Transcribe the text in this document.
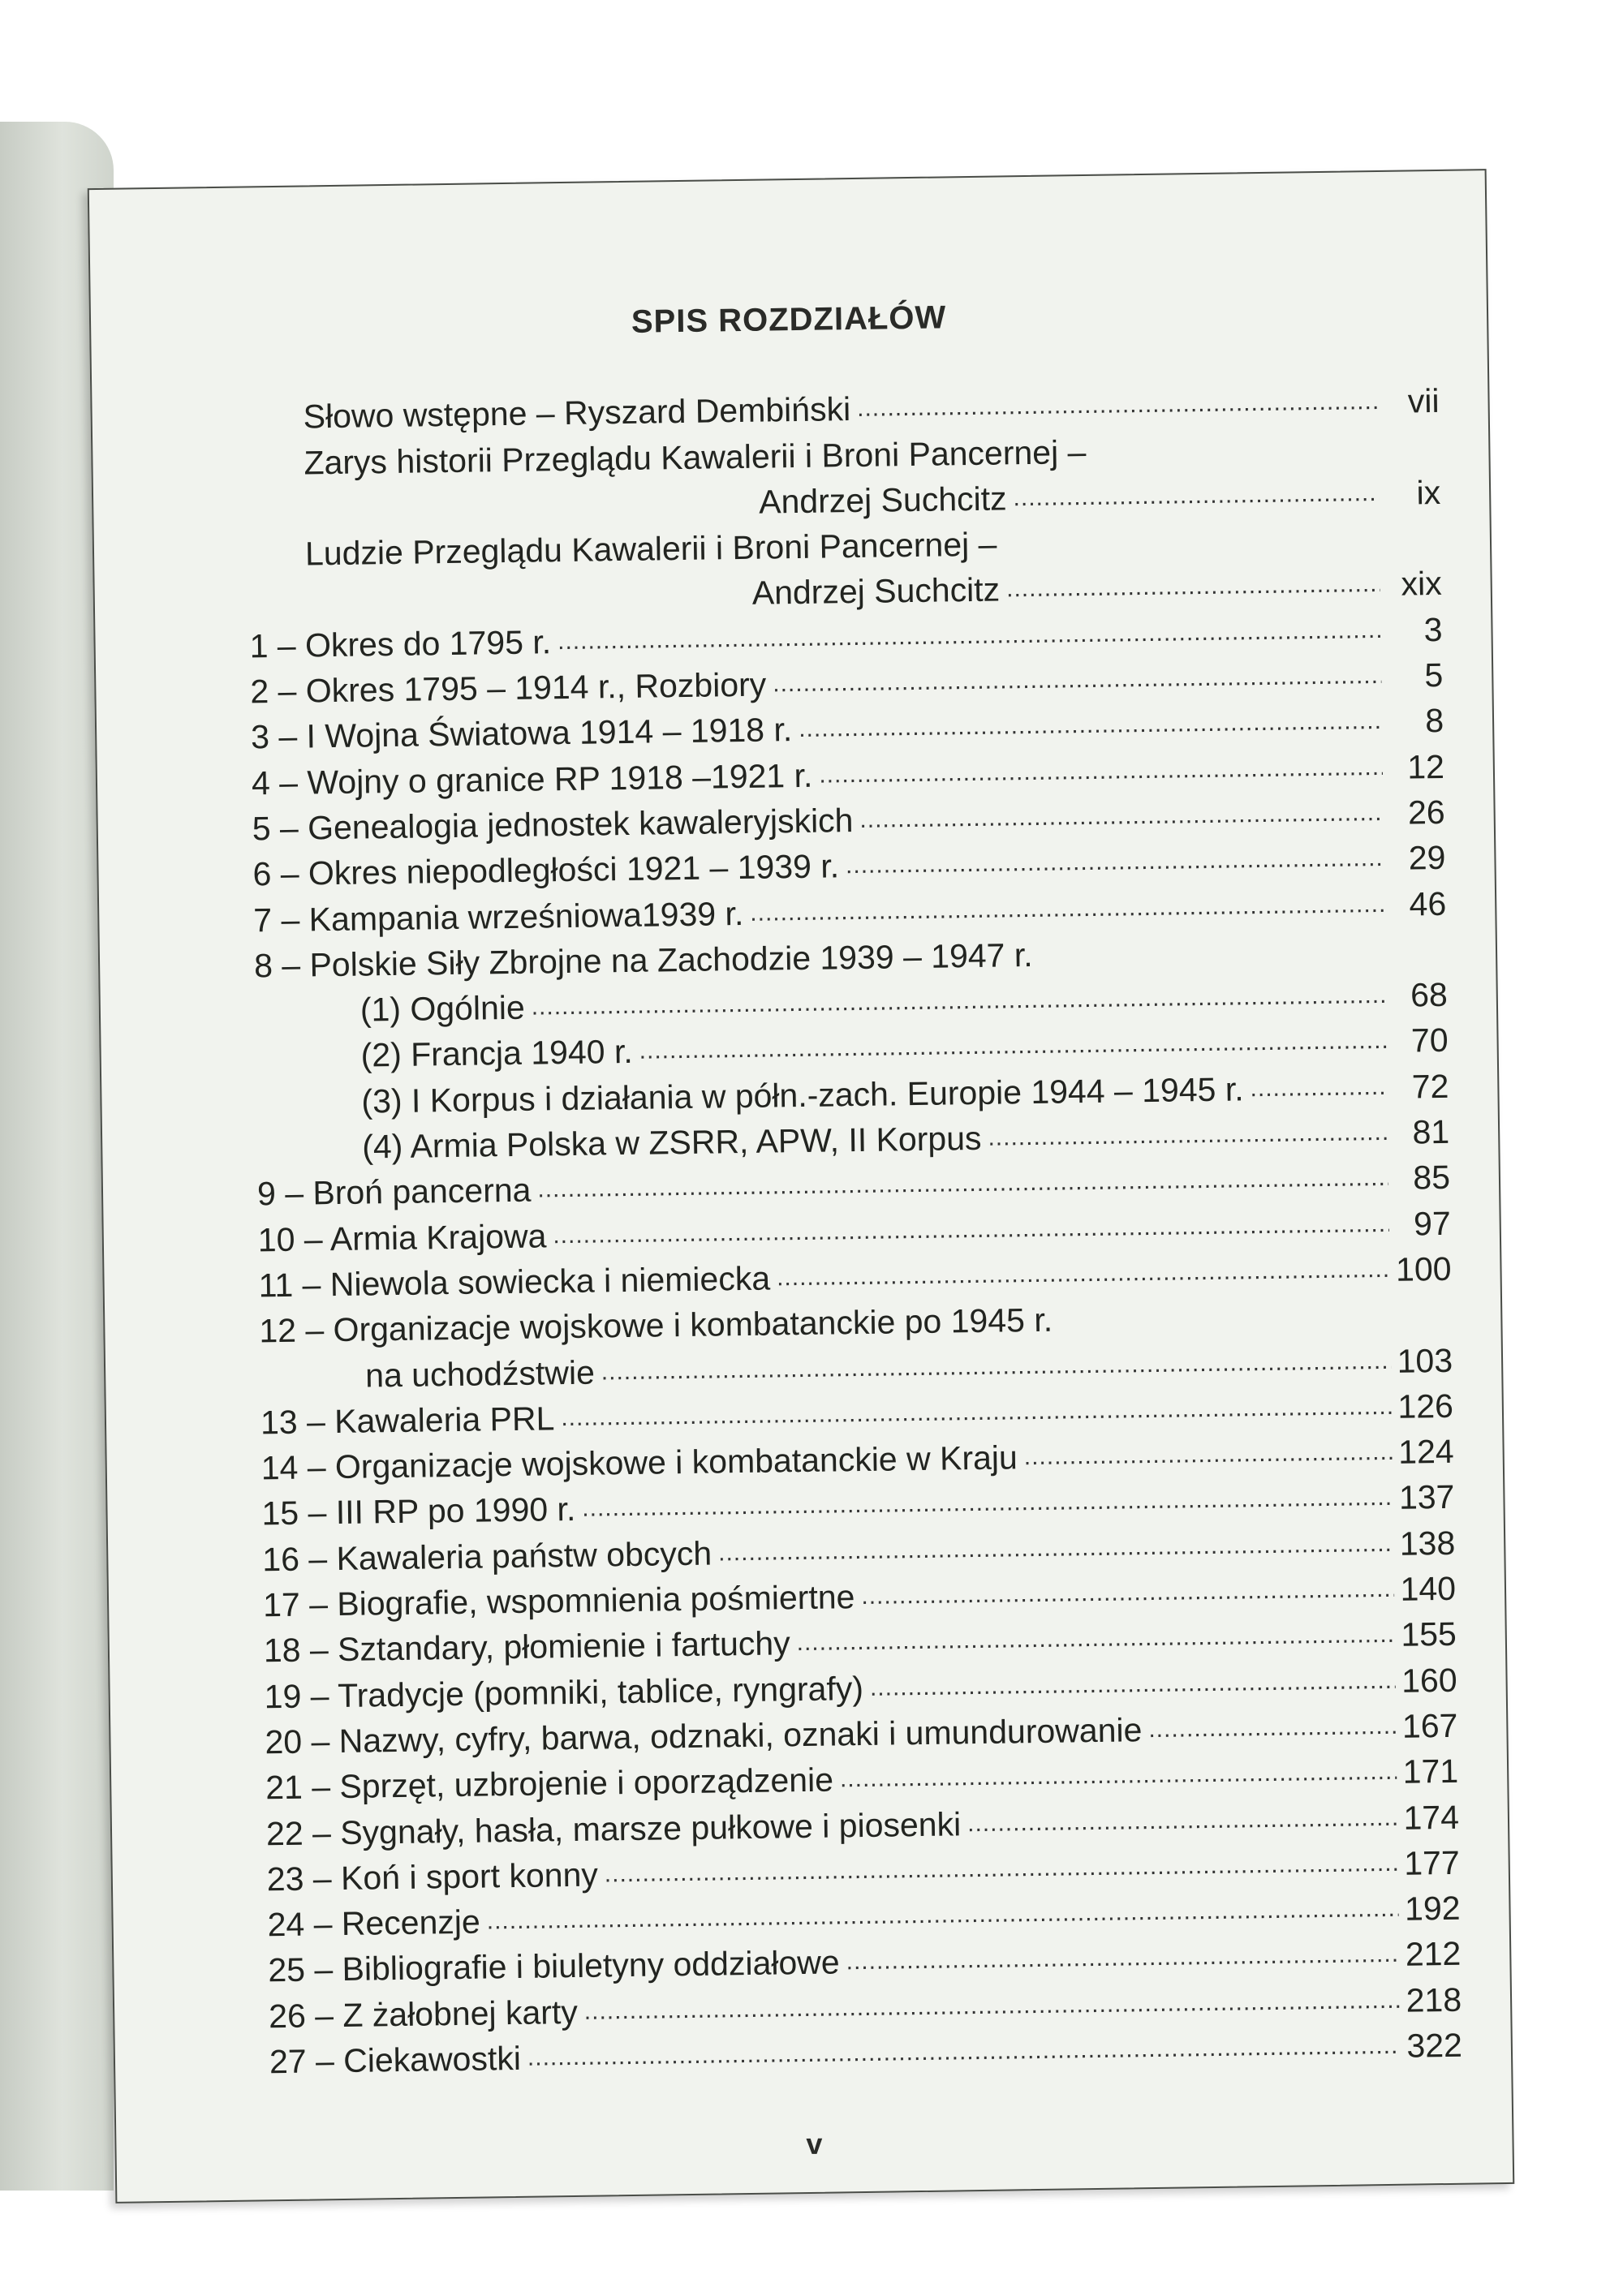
SPIS ROZDZIAŁÓW
Słowo wstępne – Ryszard Dembiński .....	vii
Zarys historii Przeglądu Kawalerii i Broni Pancernej –
Andrzej Suchcitz .....	ix
Ludzie Przeglądu Kawalerii i Broni Pancernej –
Andrzej Suchcitz .....	xix
1 – Okres do 1795 r. .....	3
2 – Okres 1795 – 1914 r., Rozbiory .....	5
3 – I Wojna Światowa 1914 – 1918 r. .....	8
4 – Wojny o granice RP 1918 –1921 r. .....	12
5 – Genealogia jednostek kawaleryjskich .....	26
6 – Okres niepodległości 1921 – 1939 r. .....	29
7 – Kampania wrześniowa1939 r. .....	46
8 – Polskie Siły Zbrojne na Zachodzie 1939 – 1947 r.
(1) Ogólnie .....	68
(2) Francja 1940 r. .....	70
(3) I Korpus i działania w półn.-zach. Europie 1944 – 1945 r. .....	72
(4) Armia Polska w ZSRR, APW, II Korpus .....	81
9 – Broń pancerna .....	85
10 – Armia Krajowa .....	97
11 – Niewola sowiecka i niemiecka .....	100
12 – Organizacje wojskowe i kombatanckie po 1945 r.
na uchodźstwie .....	103
13 – Kawaleria PRL .....	126
14 – Organizacje wojskowe i kombatanckie w Kraju .....	124
15 – III RP po 1990 r. .....	137
16 – Kawaleria państw obcych .....	138
17 – Biografie, wspomnienia pośmiertne .....	140
18 – Sztandary, płomienie i fartuchy .....	155
19 – Tradycje (pomniki, tablice, ryngrafy) .....	160
20 – Nazwy, cyfry, barwa, odznaki, oznaki i umundurowanie .....	167
21 – Sprzęt, uzbrojenie i oporządzenie .....	171
22 – Sygnały, hasła, marsze pułkowe i piosenki .....	174
23 – Koń i sport konny .....	177
24 – Recenzje .....	192
25 – Bibliografie i biuletyny oddziałowe .....	212
26 – Z żałobnej karty .....	218
27 – Ciekawostki .....	322
v
